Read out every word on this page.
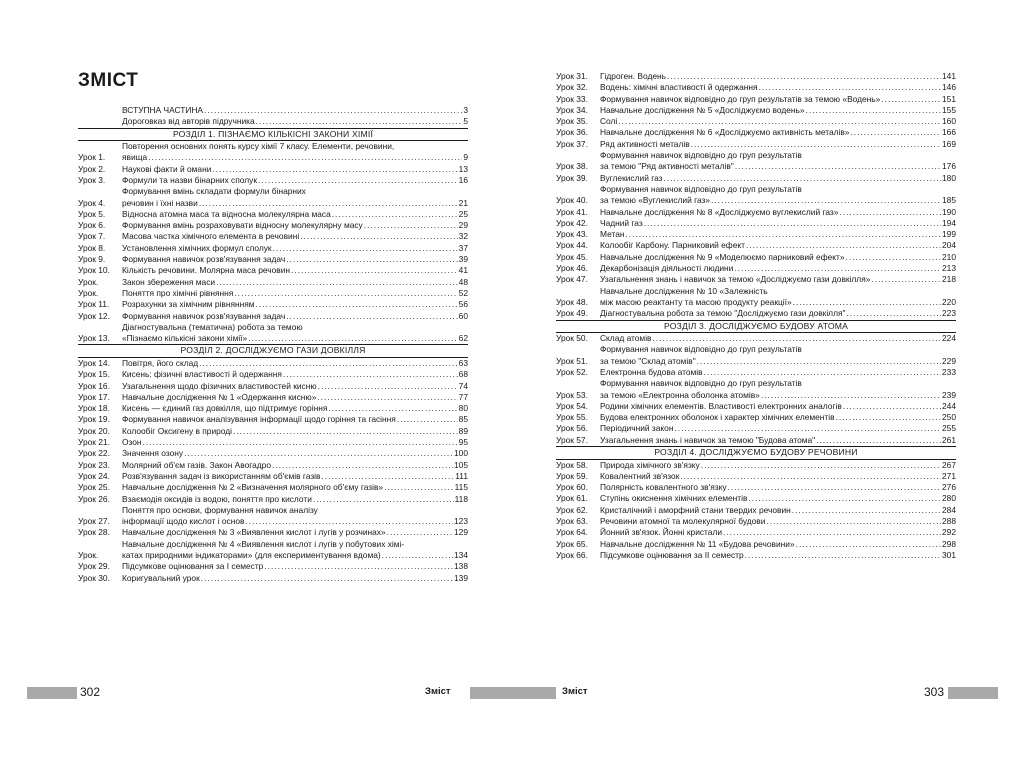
ЗМІСТ
ВСТУПНА ЧАСТИНА .....	3
Дороговказ від авторів підручника .....	5
РОЗДІЛ 1. ПІЗНАЄМО КІЛЬКІСНІ ЗАКОНИ ХІМІЇ
Урок 1.
Повторення основних понять курсу хімії 7 класу. Елементи, речовини,
явища .....	9
Урок 2.	Наукові факти й омани .....	13
Урок 3.	Формули та назви бінарних сполук .....	16
Урок 4.
Формування вмінь складати формули бінарних
речовин і їхні назви .....	21
Урок 5.	Відносна атомна маса та відносна молекулярна маса .....	25
Урок 6.	Формування вмінь розраховувати відносну молекулярну масу .....	29
Урок 7.	Масова частка хімічного елемента в речовині .....	32
Урок 8.	Установлення хімічних формул сполук .....	37
Урок 9.	Формування навичок розв'язування задач .....	39
Урок 10.	Кількість речовини. Молярна маса речовин .....	41
Урок.	Закон збереження маси .....	48
Урок.	Поняття про хімічні рівняння .....	52
Урок 11.	Розрахунки за хімічним рівнянням .....	56
Урок 12.	Формування навичок розв'язування задач .....	60
Урок 13.
Діагностувальна (тематична) робота за темою
«Пізнаємо кількісні закони хімії» .....	62
РОЗДІЛ 2. ДОСЛІДЖУЄМО ГАЗИ ДОВКІЛЛЯ
Урок 14.	Повітря, його склад .....	63
Урок 15.	Кисень: фізичні властивості й одержання .....	68
Урок 16.	Узагальнення щодо фізичних властивостей кисню .....	74
Урок 17.	Навчальне дослідження № 1 «Одержання кисню» .....	77
Урок 18.	Кисень — єдиний газ довкілля, що підтримує горіння .....	80
Урок 19.	Формування навичок аналізування інформації щодо горіння та гасіння .....	85
Урок 20.	Колообіг Оксигену в природі .....	89
Урок 21.	Озон .....	95
Урок 22.	Значення озону .....	100
Урок 23.	Молярний об'єм газів. Закон Авогадро .....	105
Урок 24.	Розв'язування задач із використанням об'ємів газів .....	111
Урок 25.	Навчальне дослідження № 2 «Визначення молярного об'єму газів» .....	115
Урок 26.	Взаємодія оксидів із водою, поняття про кислоти .....	118
Урок 27.
Поняття про основи, формування навичок аналізу
інформації щодо кислот і основ .....	123
Урок 28.	Навчальне дослідження № 3 «Виявлення кислот і лугів у розчинах» .....	129
Урок.
Навчальне дослідження № 4 «Виявлення кислот і лугів у побутових хімі-
катах природними індикаторами» (для експериментування вдома) .....	134
Урок 29.	Підсумкове оцінювання за І семестр .....	138
Урок 30.	Коригувальний урок .....	139
302	Зміст
Урок 31.	Гідроген. Водень .....	141
Урок 32.	Водень: хімічні властивості й одержання .....	146
Урок 33.	Формування навичок відповідно до груп результатів за темою «Водень» .....	151
Урок 34.	Навчальне дослідження № 5 «Досліджуємо водень» .....	155
Урок 35.	Солі .....	160
Урок 36.	Навчальне дослідження № 6 «Досліджуємо активність металів» .....	166
Урок 37.	Ряд активності металів .....	169
Урок 38.
Формування навичок відповідно до груп результатів
за темою "Ряд активності металів" .....	176
Урок 39.	Вуглекислий газ .....	180
Урок 40.
Формування навичок відповідно до груп результатів
за темою «Вуглекислий газ» .....	185
Урок 41.	Навчальне дослідження № 8 «Досліджуємо вуглекислий газ» .....	190
Урок 42.	Чадний газ .....	194
Урок 43.	Метан .....	199
Урок 44.	Колообіг Карбону. Парниковий ефект .....	204
Урок 45.	Навчальне дослідження № 9 «Моделюємо парниковий ефект» .....	210
Урок 46.	Декарбонізація діяльності людини .....	213
Урок 47.	Узагальнення знань і навичок за темою «Досліджуємо гази довкілля» .....	218
Урок 48.
Навчальне дослідження № 10 «Залежність
між масою реактанту та масою продукту реакції» .....	220
Урок 49.	Діагностувальна робота за темою "Досліджуємо гази довкілля" .....	223
РОЗДІЛ 3. ДОСЛІДЖУЄМО БУДОВУ АТОМА
Урок 50.	Склад атомів .....	224
Урок 51.
Формування навичок відповідно до груп результатів
за темою "Склад атомів" .....	229
Урок 52.	Електронна будова атомів .....	233
Урок 53.
Формування навичок відповідно до груп результатів
за темою «Електронна оболонка атомів» .....	239
Урок 54.	Родини хімічних елементів. Властивості електронних аналогів .....	244
Урок 55.	Будова електронних оболонок і характер хімічних елементів .....	250
Урок 56.	Періодичний закон .....	255
Урок 57.	Узагальнення знань і навичок за темою "Будова атома" .....	261
РОЗДІЛ 4. ДОСЛІДЖУЄМО БУДОВУ РЕЧОВИНИ
Урок 58.	Природа хімічного зв'язку .....	267
Урок 59.	Ковалентний зв'язок .....	271
Урок 60.	Полярність ковалентного зв'язку .....	276
Урок 61.	Ступінь окиснення хімічних елементів .....	280
Урок 62.	Кристалічний і аморфний стани твердих речовин .....	284
Урок 63.	Речовини атомної та молекулярної будови .....	288
Урок 64.	Йонний зв'язок. Йонні кристали .....	292
Урок 65.	Навчальне дослідження № 11 «Будова речовини» .....	298
Урок 66.	Підсумкове оцінювання за ІІ семестр .....	301
Зміст	303
